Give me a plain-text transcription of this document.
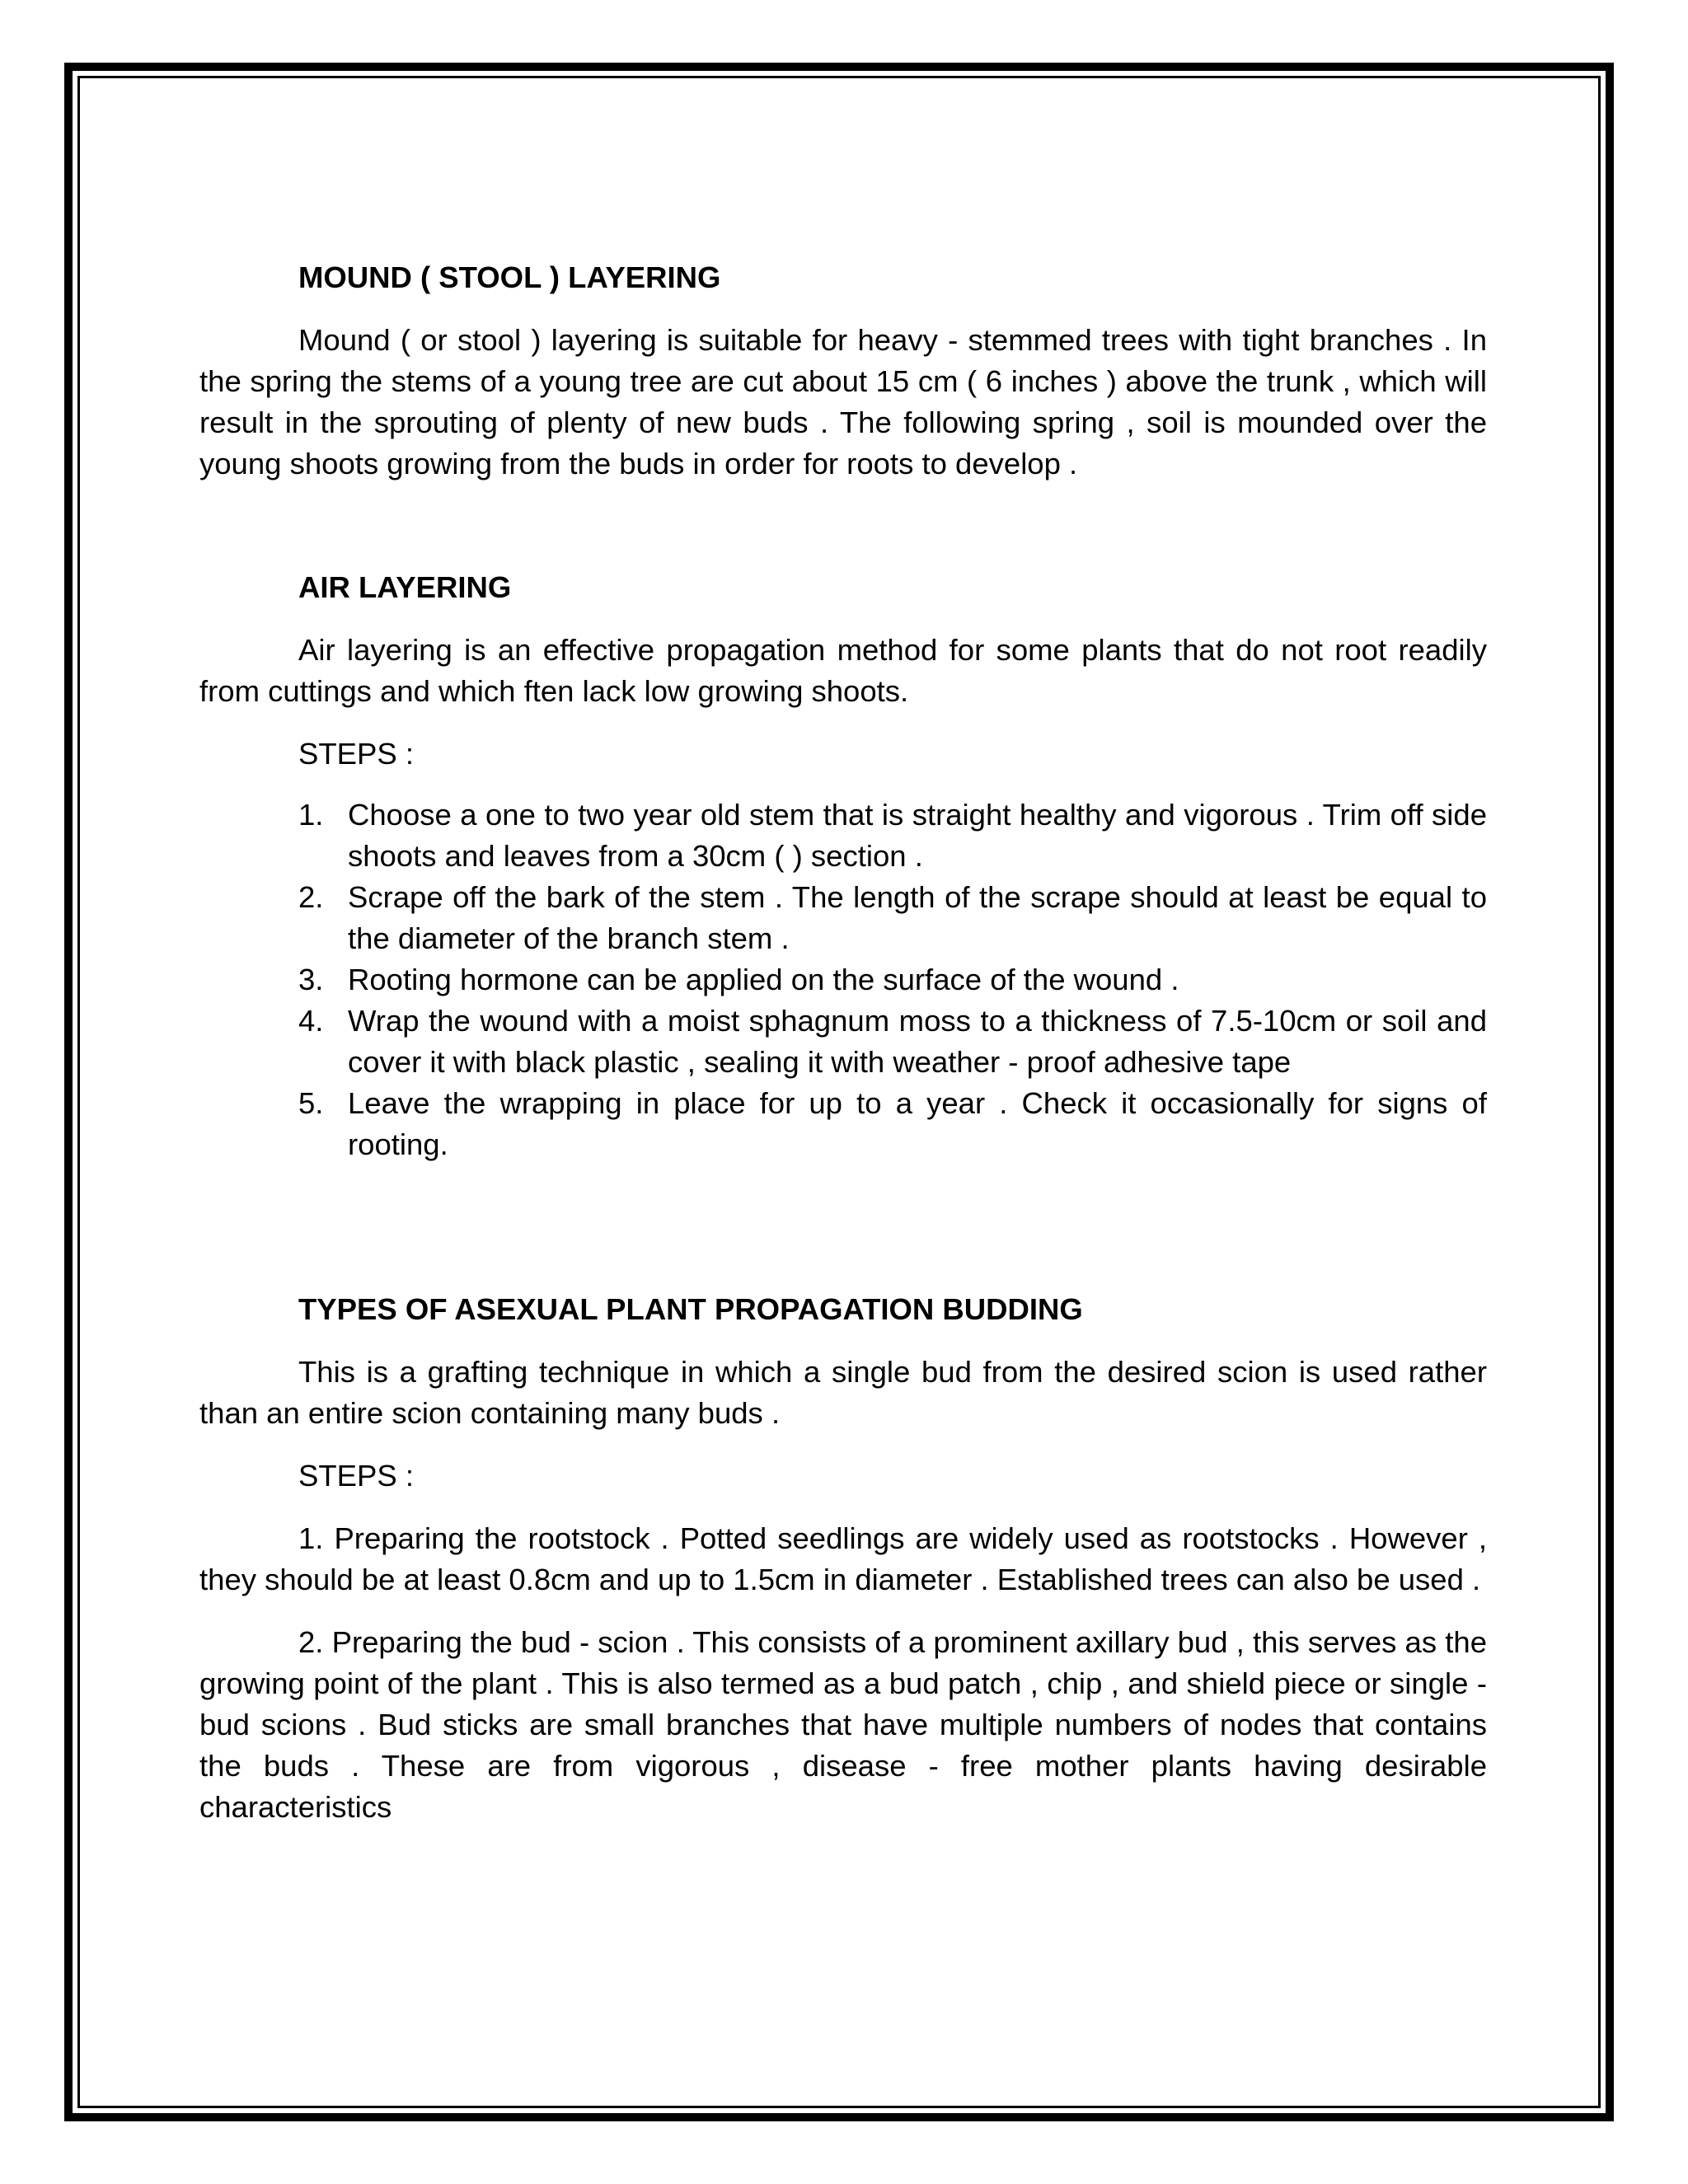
MOUND ( STOOL ) LAYERING

Mound ( or stool ) layering is suitable for heavy - stemmed trees with tight branches . In the spring the stems of a young tree are cut about 15 cm ( 6 inches ) above the trunk , which will result in the sprouting of plenty of new buds . The following spring , soil is mounded over the young shoots growing from the buds in order for roots to develop .

AIR LAYERING

Air layering is an effective propagation method for some plants that do not root readily from cuttings and which ften lack low growing shoots.

STEPS :
1. Choose a one to two year old stem that is straight healthy and vigorous . Trim off side shoots and leaves from a 30cm ( ) section .
2. Scrape off the bark of the stem . The length of the scrape should at least be equal to the diameter of the branch stem .
3. Rooting hormone can be applied on the surface of the wound .
4. Wrap the wound with a moist sphagnum moss to a thickness of 7.5-10cm or soil and cover it with black plastic , sealing it with weather - proof adhesive tape
5. Leave the wrapping in place for up to a year . Check it occasionally for signs of rooting.
TYPES OF ASEXUAL PLANT PROPAGATION BUDDING

This is a grafting technique in which a single bud from the desired scion is used rather than an entire scion containing many buds .

STEPS :

1. Preparing the rootstock . Potted seedlings are widely used as rootstocks . However , they should be at least 0.8cm and up to 1.5cm in diameter . Established trees can also be used .

2. Preparing the bud - scion . This consists of a prominent axillary bud , this serves as the growing point of the plant . This is also termed as a bud patch , chip , and shield piece or single - bud scions . Bud sticks are small branches that have multiple numbers of nodes that contains the buds . These are from vigorous , disease - free mother plants having desirable characteristics
